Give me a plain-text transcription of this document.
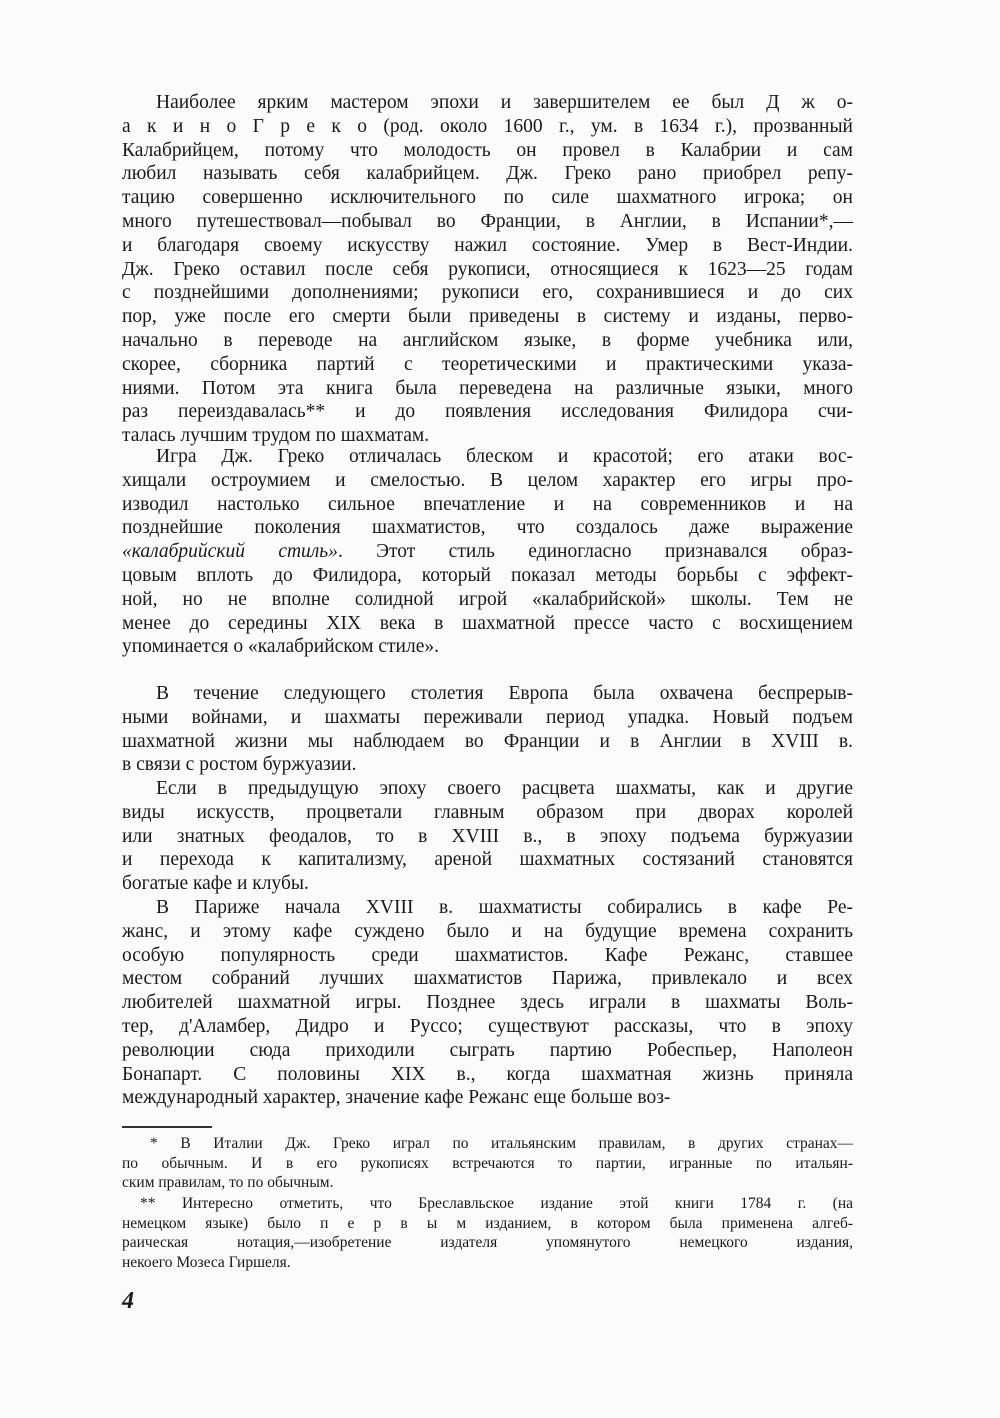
Наиболее ярким мастером эпохи и завершителем ее был Д ж о-
а к и н о Г р е к о (род. около 1600 г., ум. в 1634 г.), прозванный
Калабрийцем, потому что молодость он провел в Калабрии и сам
любил называть себя калабрийцем. Дж. Греко рано приобрел репу-
тацию совершенно исключительного по силе шахматного игрока; он
много путешествовал—побывал во Франции, в Англии, в Испании*,—
и благодаря своему искусству нажил состояние. Умер в Вест-Индии.
Дж. Греко оставил после себя рукописи, относящиеся к 1623—25 годам
с позднейшими дополнениями; рукописи его, сохранившиеся и до сих
пор, уже после его смерти были приведены в систему и изданы, перво-
начально в переводе на английском языке, в форме учебника или,
скорее, сборника партий с теоретическими и практическими указа-
ниями. Потом эта книга была переведена на различные языки, много
раз переиздавалась** и до появления исследования Филидора счи-
талась лучшим трудом по шахматам.
Игра Дж. Греко отличалась блеском и красотой; его атаки вос-
хищали остроумием и смелостью. В целом характер его игры про-
изводил настолько сильное впечатление и на современников и на
позднейшие поколения шахматистов, что создалось даже выражение
«калабрийский стиль». Этот стиль единогласно признавался образ-
цовым вплоть до Филидора, который показал методы борьбы с эффект-
ной, но не вполне солидной игрой «калабрийской» школы. Тем не
менее до середины XIX века в шахматной прессе часто с восхищением
упоминается о «калабрийском стиле».
В течение следующего столетия Европа была охвачена беспрерыв-
ными войнами, и шахматы переживали период упадка. Новый подъем
шахматной жизни мы наблюдаем во Франции и в Англии в XVIII в.
в связи с ростом буржуазии.
Если в предыдущую эпоху своего расцвета шахматы, как и другие
виды искусств, процветали главным образом при дворах королей
или знатных феодалов, то в XVIII в., в эпоху подъема буржуазии
и перехода к капитализму, ареной шахматных состязаний становятся
богатые кафе и клубы.
В Париже начала XVIII в. шахматисты собирались в кафе Ре-
жанс, и этому кафе суждено было и на будущие времена сохранить
особую популярность среди шахматистов. Кафе Режанс, ставшее
местом собраний лучших шахматистов Парижа, привлекало и всех
любителей шахматной игры. Позднее здесь играли в шахматы Воль-
тер, д'Аламбер, Дидро и Руссо; существуют рассказы, что в эпоху
революции сюда приходили сыграть партию Робеспьер, Наполеон
Бонапарт. С половины XIX в., когда шахматная жизнь приняла
международный характер, значение кафе Режанс еще больше воз-
* В Италии Дж. Греко играл по итальянским правилам, в других странах—
по обычным. И в его рукописях встречаются то партии, игранные по итальян-
ским правилам, то по обычным.
** Интересно отметить, что Бреславльское издание этой книги 1784 г. (на
немецком языке) было п е р в ы м изданием, в котором была применена алгеб-
раическая нотация,—изобретение издателя упомянутого немецкого издания,
некоего Мозеса Гиршеля.
4
